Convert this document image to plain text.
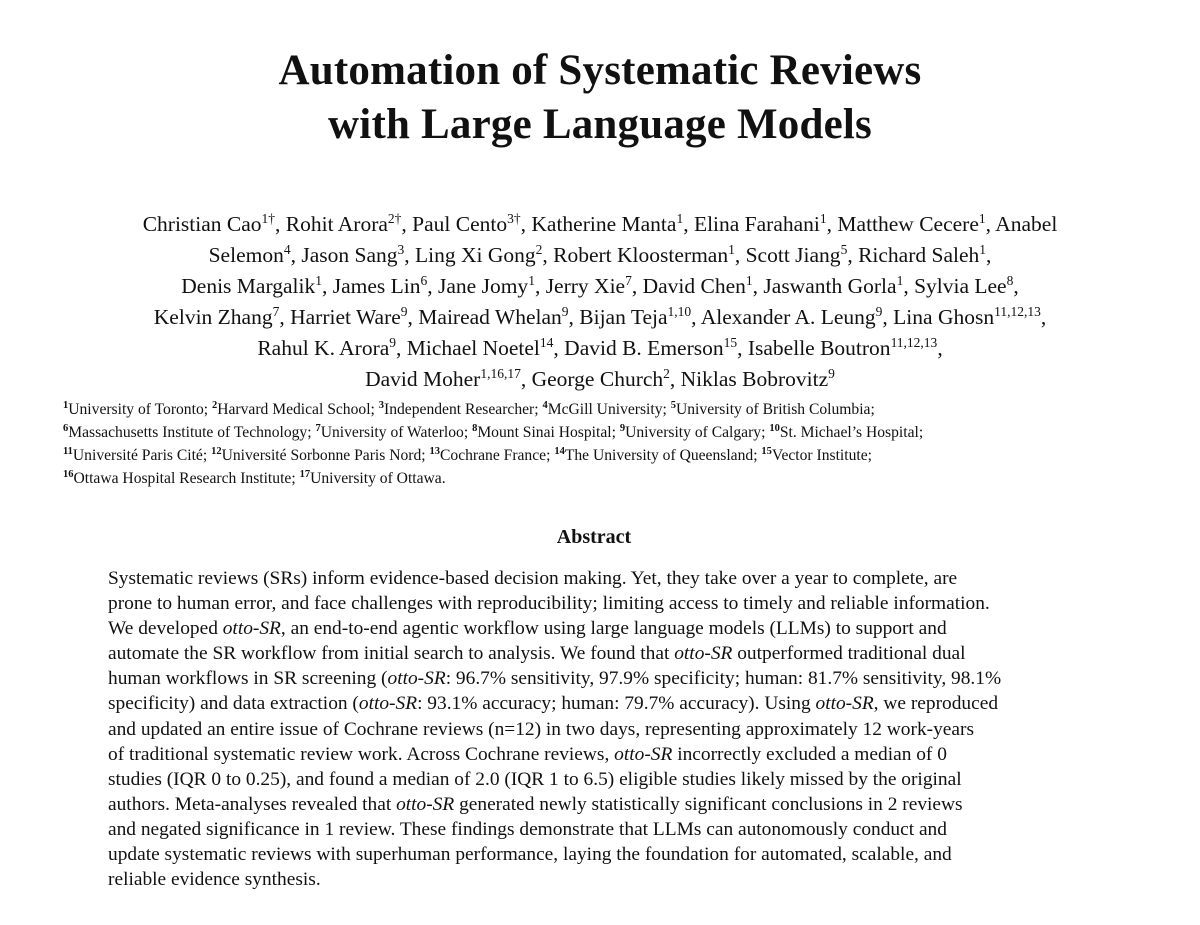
Automation of Systematic Reviews
with Large Language Models
Christian Cao$^{1\dagger}$, Rohit Arora$^{2\dagger}$, Paul Cento$^{3\dagger}$, Katherine Manta$^1$, Elina Farahani$^1$, Matthew Cecere$^1$, Anabel
Selemon$^4$, Jason Sang$^3$, Ling Xi Gong$^2$, Robert Kloosterman$^1$, Scott Jiang$^5$, Richard Saleh$^1$,
Denis Margalik$^1$, James Lin$^6$, Jane Jomy$^1$, Jerry Xie$^7$, David Chen$^1$, Jaswanth Gorla$^1$, Sylvia Lee$^8$,
Kelvin Zhang$^7$, Harriet Ware$^9$, Mairead Whelan$^9$, Bijan Teja$^{1,10}$, Alexander A. Leung$^9$, Lina Ghosn$^{11,12,13}$,
Rahul K. Arora$^9$, Michael Noetel$^{14}$, David B. Emerson$^{15}$, Isabelle Boutron$^{11,12,13}$,
David Moher$^{1,16,17}$, George Church$^2$, Niklas Bobrovitz$^9$
$^1$University of Toronto; $^2$Harvard Medical School; $^3$Independent Researcher; $^4$McGill University; $^5$University of British Columbia;
$^6$Massachusetts Institute of Technology; $^7$University of Waterloo; $^8$Mount Sinai Hospital; $^9$University of Calgary; $^{10}$St. Michael’s Hospital;
$^{11}$Université Paris Cité; $^{12}$Université Sorbonne Paris Nord; $^{13}$Cochrane France; $^{14}$The University of Queensland; $^{15}$Vector Institute;
$^{16}$Ottawa Hospital Research Institute; $^{17}$University of Ottawa.
Abstract
Systematic reviews (SRs) inform evidence-based decision making. Yet, they take over a year to complete, are
prone to human error, and face challenges with reproducibility; limiting access to timely and reliable information.
We developed otto-SR, an end-to-end agentic workflow using large language models (LLMs) to support and
automate the SR workflow from initial search to analysis. We found that otto-SR outperformed traditional dual
human workflows in SR screening (otto-SR: 96.7% sensitivity, 97.9% specificity; human: 81.7% sensitivity, 98.1%
specificity) and data extraction (otto-SR: 93.1% accuracy; human: 79.7% accuracy). Using otto-SR, we reproduced
and updated an entire issue of Cochrane reviews (n=12) in two days, representing approximately 12 work-years
of traditional systematic review work. Across Cochrane reviews, otto-SR incorrectly excluded a median of 0
studies (IQR 0 to 0.25), and found a median of 2.0 (IQR 1 to 6.5) eligible studies likely missed by the original
authors. Meta-analyses revealed that otto-SR generated newly statistically significant conclusions in 2 reviews
and negated significance in 1 review. These findings demonstrate that LLMs can autonomously conduct and
update systematic reviews with superhuman performance, laying the foundation for automated, scalable, and
reliable evidence synthesis.
